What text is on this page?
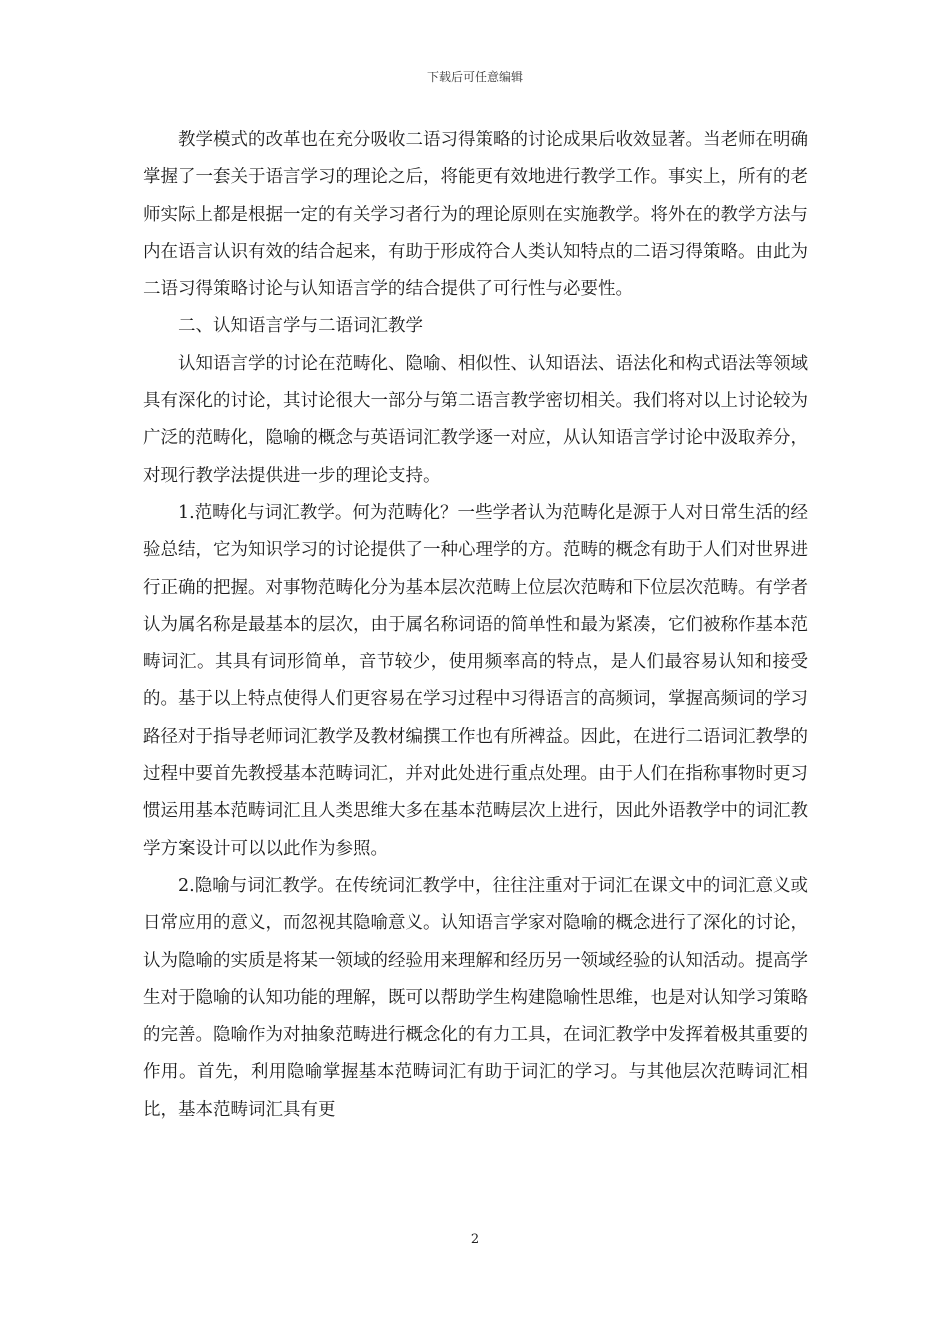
下载后可任意编辑

教学模式的改革也在充分吸收二语习得策略的讨论成果后收效显著。当老师在明确掌握了一套关于语言学习的理论之后，将能更有效地进行教学工作。事实上，所有的老师实际上都是根据一定的有关学习者行为的理论原则在实施教学。将外在的教学方法与内在语言认识有效的结合起来，有助于形成符合人类认知特点的二语习得策略。由此为二语习得策略讨论与认知语言学的结合提供了可行性与必要性。

二、认知语言学与二语词汇教学

认知语言学的讨论在范畴化、隐喻、相似性、认知语法、语法化和构式语法等领域具有深化的讨论，其讨论很大一部分与第二语言教学密切相关。我们将对以上讨论较为广泛的范畴化，隐喻的概念与英语词汇教学逐一对应，从认知语言学讨论中汲取养分，对现行教学法提供进一步的理论支持。

1.范畴化与词汇教学。何为范畴化？一些学者认为范畴化是源于人对日常生活的经验总结，它为知识学习的讨论提供了一种心理学的方。范畴的概念有助于人们对世界进行正确的把握。对事物范畴化分为基本层次范畴上位层次范畴和下位层次范畴。有学者认为属名称是最基本的层次，由于属名称词语的简单性和最为紧凑，它们被称作基本范畴词汇。其具有词形简单，音节较少，使用频率高的特点，是人们最容易认知和接受的。基于以上特点使得人们更容易在学习过程中习得语言的高频词，掌握高频词的学习路径对于指导老师词汇教学及教材编撰工作也有所裨益。因此，在进行二语词汇教學的过程中要首先教授基本范畴词汇，并对此处进行重点处理。由于人们在指称事物时更习惯运用基本范畴词汇且人类思维大多在基本范畴层次上进行，因此外语教学中的词汇教学方案设计可以以此作为参照。

2.隐喻与词汇教学。在传统词汇教学中，往往注重对于词汇在课文中的词汇意义或日常应用的意义，而忽视其隐喻意义。认知语言学家对隐喻的概念进行了深化的讨论，认为隐喻的实质是将某一领域的经验用来理解和经历另一领域经验的认知活动。提高学生对于隐喻的认知功能的理解，既可以帮助学生构建隐喻性思维，也是对认知学习策略的完善。隐喻作为对抽象范畴进行概念化的有力工具，在词汇教学中发挥着极其重要的作用。首先，利用隐喻掌握基本范畴词汇有助于词汇的学习。与其他层次范畴词汇相比，基本范畴词汇具有更

2
